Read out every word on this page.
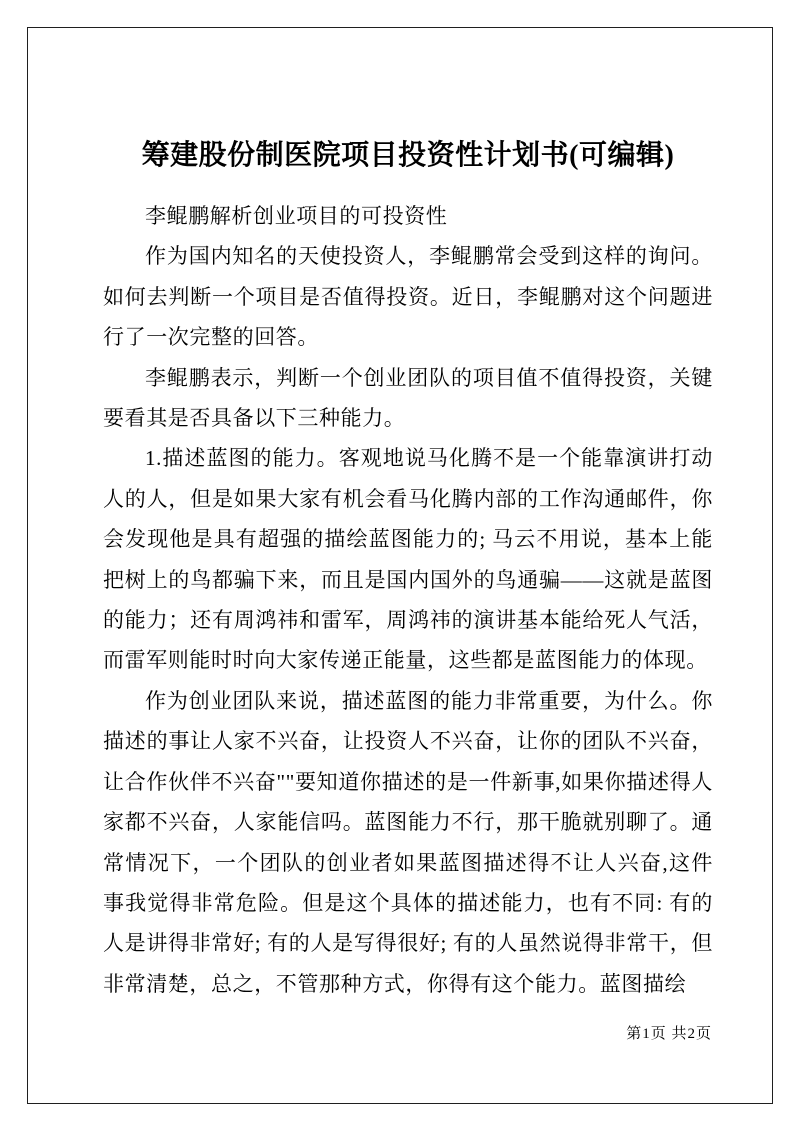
筹建股份制医院项目投资性计划书(可编辑)

李鲲鹏解析创业项目的可投资性

作为国内知名的天使投资人，李鲲鹏常会受到这样的询问。如何去判断一个项目是否值得投资。近日，李鲲鹏对这个问题进行了一次完整的回答。

李鲲鹏表示，判断一个创业团队的项目值不值得投资，关键要看其是否具备以下三种能力。

1.描述蓝图的能力。客观地说马化腾不是一个能靠演讲打动人的人，但是如果大家有机会看马化腾内部的工作沟通邮件，你会发现他是具有超强的描绘蓝图能力的; 马云不用说，基本上能把树上的鸟都骗下来，而且是国内国外的鸟通骗——这就是蓝图的能力；还有周鸿祎和雷军，周鸿祎的演讲基本能给死人气活，而雷军则能时时向大家传递正能量，这些都是蓝图能力的体现。

作为创业团队来说，描述蓝图的能力非常重要，为什么。你描述的事让人家不兴奋，让投资人不兴奋，让你的团队不兴奋，让合作伙伴不兴奋""要知道你描述的是一件新事,如果你描述得人家都不兴奋，人家能信吗。蓝图能力不行，那干脆就别聊了。通常情况下，一个团队的创业者如果蓝图描述得不让人兴奋,这件事我觉得非常危险。但是这个具体的描述能力，也有不同: 有的人是讲得非常好; 有的人是写得很好; 有的人虽然说得非常干，但非常清楚，总之，不管那种方式，你得有这个能力。蓝图描绘

第1页 共2页
